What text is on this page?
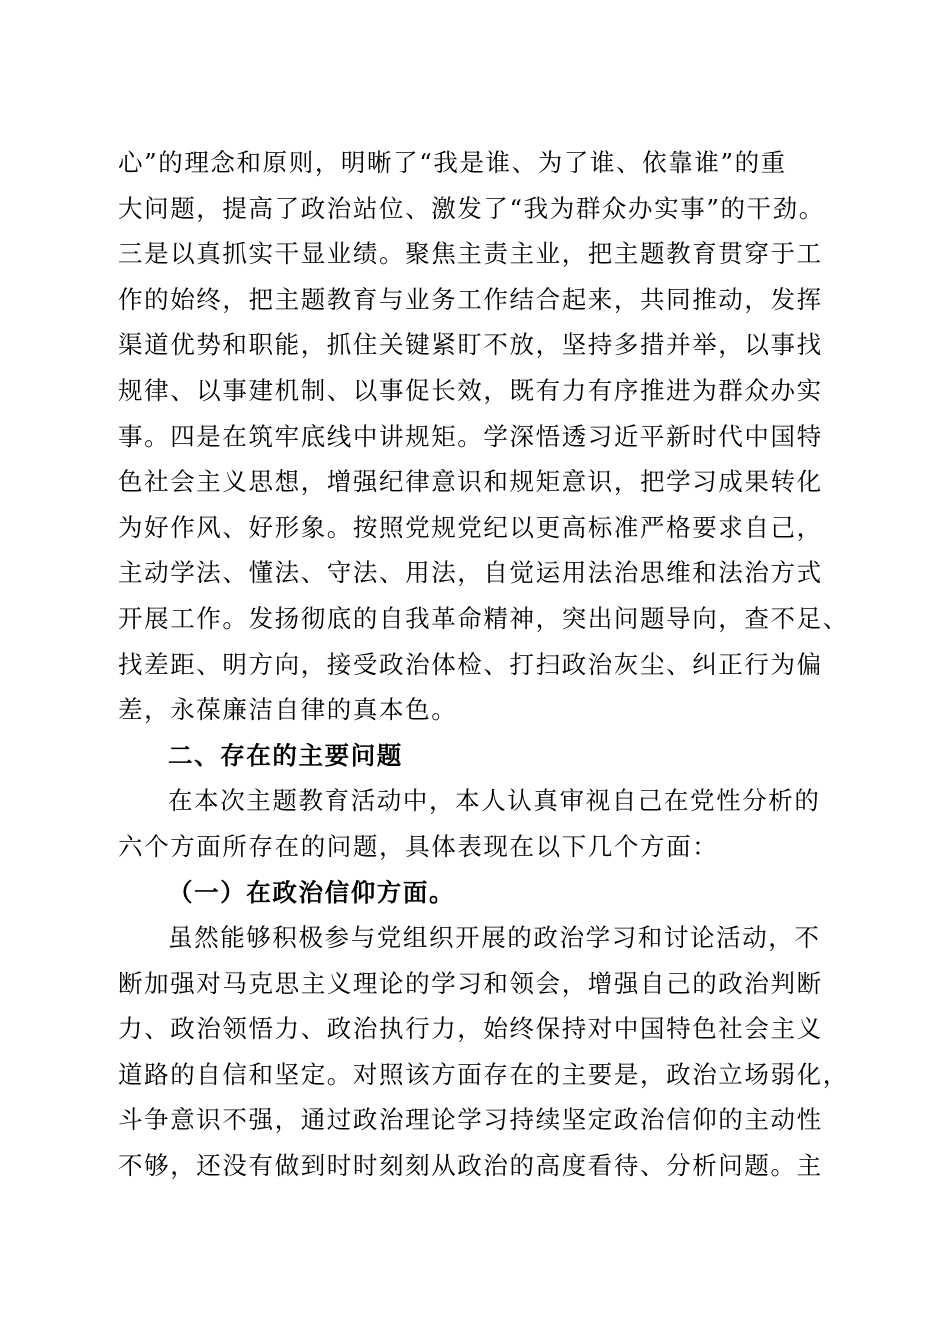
心”的理念和原则，明晰了“我是谁、为了谁、依靠谁”的重
大问题，提高了政治站位、激发了“我为群众办实事”的干劲。
三是以真抓实干显业绩。聚焦主责主业，把主题教育贯穿于工
作的始终，把主题教育与业务工作结合起来，共同推动，发挥
渠道优势和职能，抓住关键紧盯不放，坚持多措并举，以事找
规律、以事建机制、以事促长效，既有力有序推进为群众办实
事。四是在筑牢底线中讲规矩。学深悟透习近平新时代中国特
色社会主义思想，增强纪律意识和规矩意识，把学习成果转化
为好作风、好形象。按照党规党纪以更高标准严格要求自己，
主动学法、懂法、守法、用法，自觉运用法治思维和法治方式
开展工作。发扬彻底的自我革命精神，突出问题导向，查不足、
找差距、明方向，接受政治体检、打扫政治灰尘、纠正行为偏
差，永葆廉洁自律的真本色。
二、存在的主要问题
在本次主题教育活动中，本人认真审视自己在党性分析的
六个方面所存在的问题，具体表现在以下几个方面：
（一）在政治信仰方面。
虽然能够积极参与党组织开展的政治学习和讨论活动，不
断加强对马克思主义理论的学习和领会，增强自己的政治判断
力、政治领悟力、政治执行力，始终保持对中国特色社会主义
道路的自信和坚定。对照该方面存在的主要是，政治立场弱化，
斗争意识不强，通过政治理论学习持续坚定政治信仰的主动性
不够，还没有做到时时刻刻从政治的高度看待、分析问题。主
